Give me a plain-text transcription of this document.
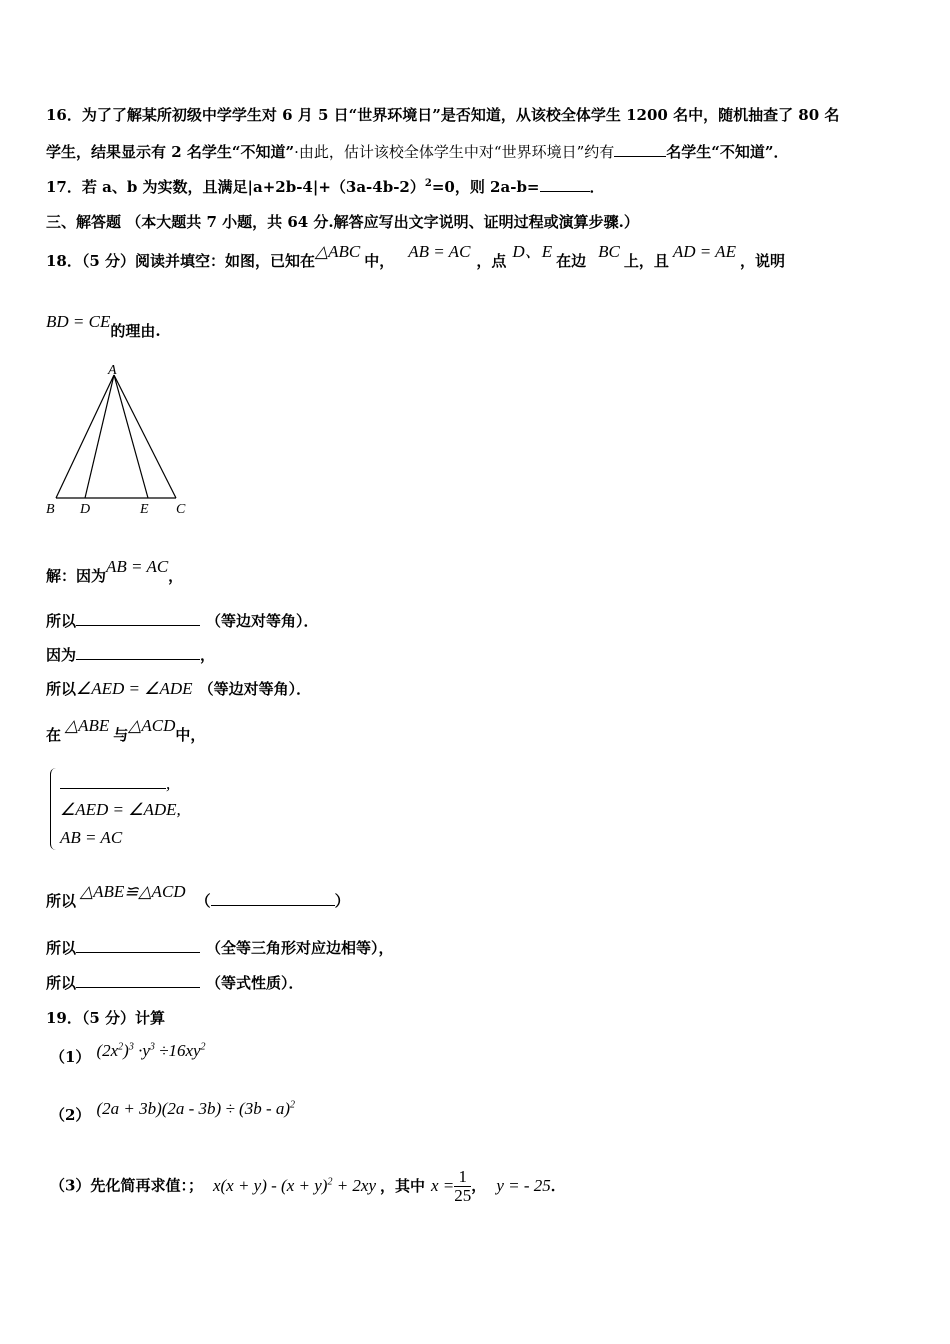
16．为了了解某所初级中学学生对 6 月 5 日“世界环境日”是否知道，从该校全体学生 1200 名中，随机抽查了 80 名
学生，结果显示有 2 名学生“不知道”·由此，估计该校全体学生中对“世界环境日”约有	名学生“不知道”．
17．若 a、b 为实数，且满足$|a+2b-4|+(3a-4b-2)^2=0$，则 2a-b=	．
三、解答题 （本大题共 7 小题，共 64 分.解答应写出文字说明、证明过程或演算步骤.）
18．（5 分）阅读并填空：如图，已知在△ABC 中， AB = AC ，点 D、E 在边 BC 上，且 AD = AE ，说明
BD = CE的理由.
A
B D	E C
解：因为AB = AC，
所以	（等边对等角）．
因为	，
所以∠AED = ∠ADE （等边对等角）．
在 △ABE 与△ACD中，
,
∠AED = ∠ADE,
AB = AC
所以 △ABE≌△ACD （	）
所以	（全等三角形对应边相等），
所以	（等式性质）．
19．（5 分）计算
（1） $(2x^2)^3 \cdot y^3 \div 16xy^2$
（2） (2a + 3b)(2a - 3b) ÷ (3b - a)$^2$
（3）先化简再求值：； $x(x + y) - (x + y)^2 + 2xy$ ，其中 $x = \frac{1}{25}$ ， y = - 25．
